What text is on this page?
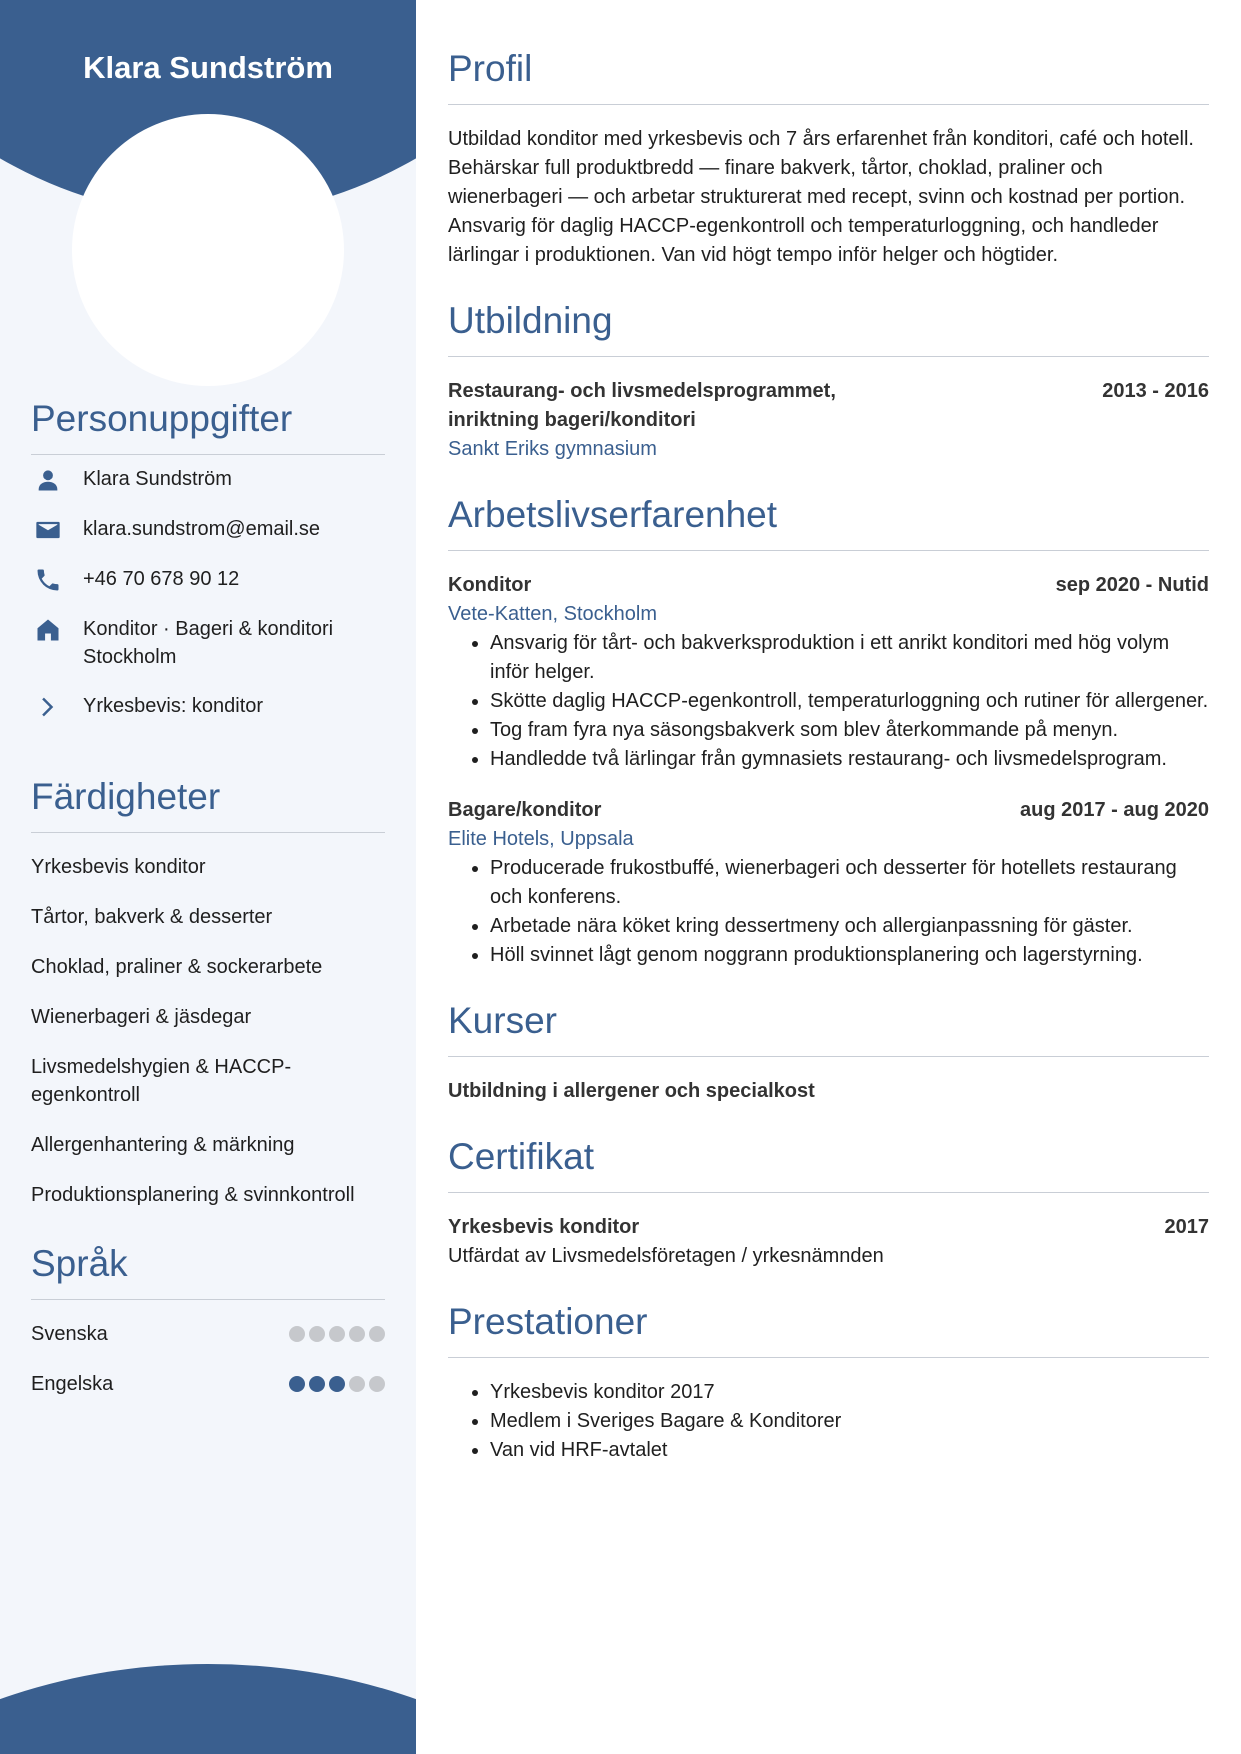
Klara Sundström
Personuppgifter
Klara Sundström
klara.sundstrom@email.se
+46 70 678 90 12
Konditor · Bageri & konditori
Stockholm
Yrkesbevis: konditor
Färdigheter
Yrkesbevis konditor
Tårtor, bakverk & desserter
Choklad, praliner & sockerarbete
Wienerbageri & jäsdegar
Livsmedelshygien & HACCP-egenkontroll
Allergenhantering & märkning
Produktionsplanering & svinnkontroll
Språk
Svenska
Engelska
Profil
Utbildad konditor med yrkesbevis och 7 års erfarenhet från konditori, café och hotell. Behärskar full produktbredd — finare bakverk, tårtor, choklad, praliner och wienerbageri — och arbetar strukturerat med recept, svinn och kostnad per portion. Ansvarig för daglig HACCP-egenkontroll och temperaturloggning, och handleder lärlingar i produktionen. Van vid högt tempo inför helger och högtider.
Utbildning
Restaurang- och livsmedelsprogrammet, inriktning bageri/konditori
2013 - 2016
Sankt Eriks gymnasium
Arbetslivserfarenhet
Konditor	sep 2020 - Nutid
Vete-Katten, Stockholm
• Ansvarig för tårt- och bakverksproduktion i ett anrikt konditori med hög volym inför helger.
• Skötte daglig HACCP-egenkontroll, temperaturloggning och rutiner för allergener.
• Tog fram fyra nya säsongsbakverk som blev återkommande på menyn.
• Handledde två lärlingar från gymnasiets restaurang- och livsmedelsprogram.
Bagare/konditor	aug 2017 - aug 2020
Elite Hotels, Uppsala
• Producerade frukostbuffé, wienerbageri och desserter för hotellets restaurang och konferens.
• Arbetade nära köket kring dessertmeny och allergianpassning för gäster.
• Höll svinnet lågt genom noggrann produktionsplanering och lagerstyrning.
Kurser
Utbildning i allergener och specialkost
Certifikat
Yrkesbevis konditor	2017
Utfärdat av Livsmedelsföretagen / yrkesnämnden
Prestationer
• Yrkesbevis konditor 2017
• Medlem i Sveriges Bagare & Konditorer
• Van vid HRF-avtalet
